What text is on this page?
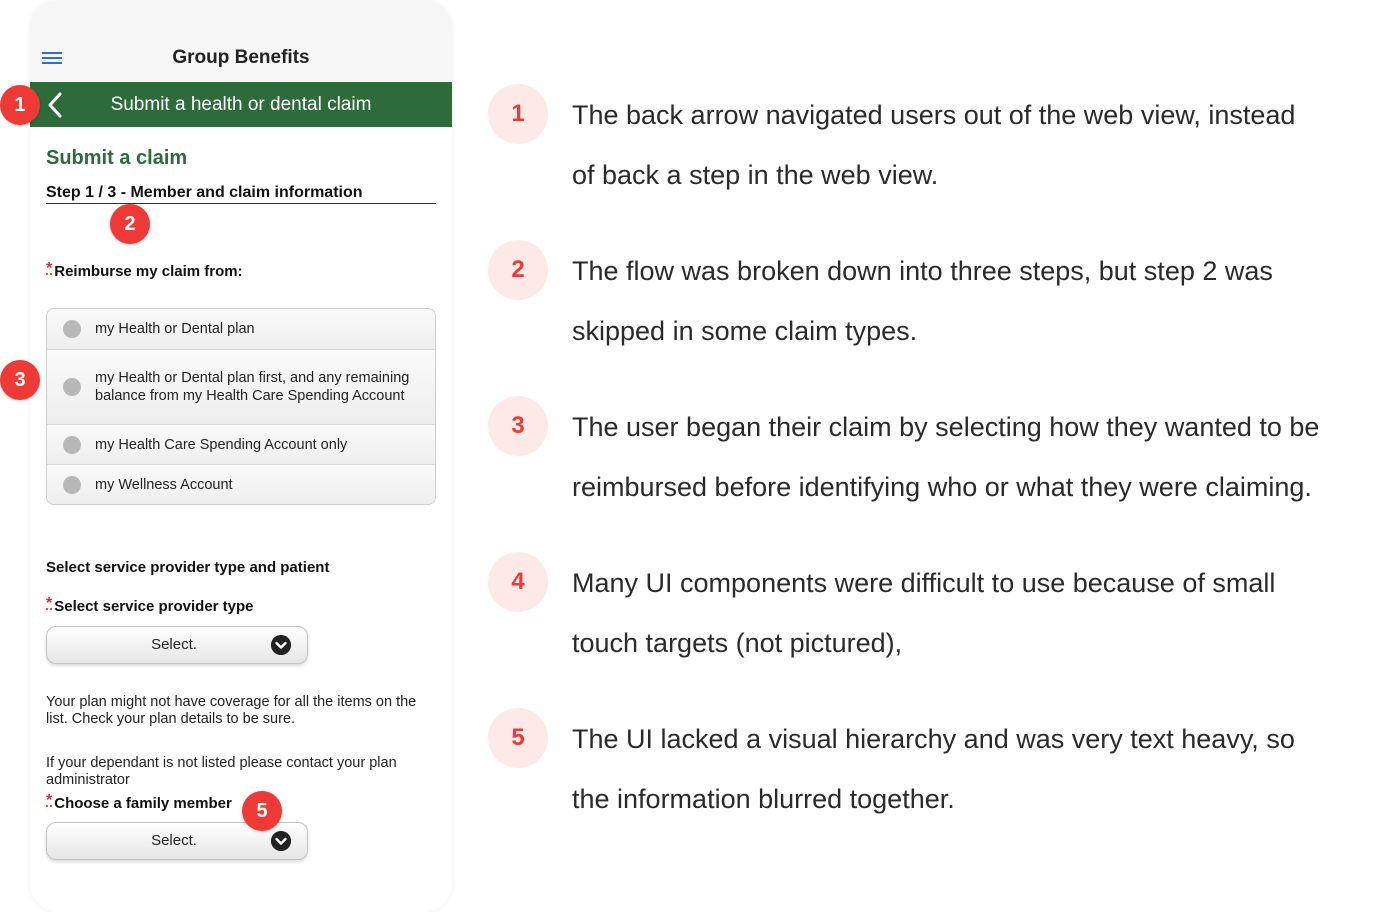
Group Benefits
Submit a health or dental claim
Submit a claim
Step 1 / 3 - Member and claim information
* Reimburse my claim from:
my Health or Dental plan
my Health or Dental plan first, and any remaining balance from my Health Care Spending Account
my Health Care Spending Account only
my Wellness Account
Select service provider type and patient
* Select service provider type
Select.
Your plan might not have coverage for all the items on the list. Check your plan details to be sure.
If your dependant is not listed please contact your plan administrator
* Choose a family member
Select.
1
2
3
5
1	The back arrow navigated users out of the web view, instead
of back a step in the web view.
2	The flow was broken down into three steps, but step 2 was
skipped in some claim types.
3	The user began their claim by selecting how they wanted to be
reimbursed before identifying who or what they were claiming.
4	Many UI components were difficult to use because of small
touch targets (not pictured),
5	The UI lacked a visual hierarchy and was very text heavy, so
the information blurred together.
